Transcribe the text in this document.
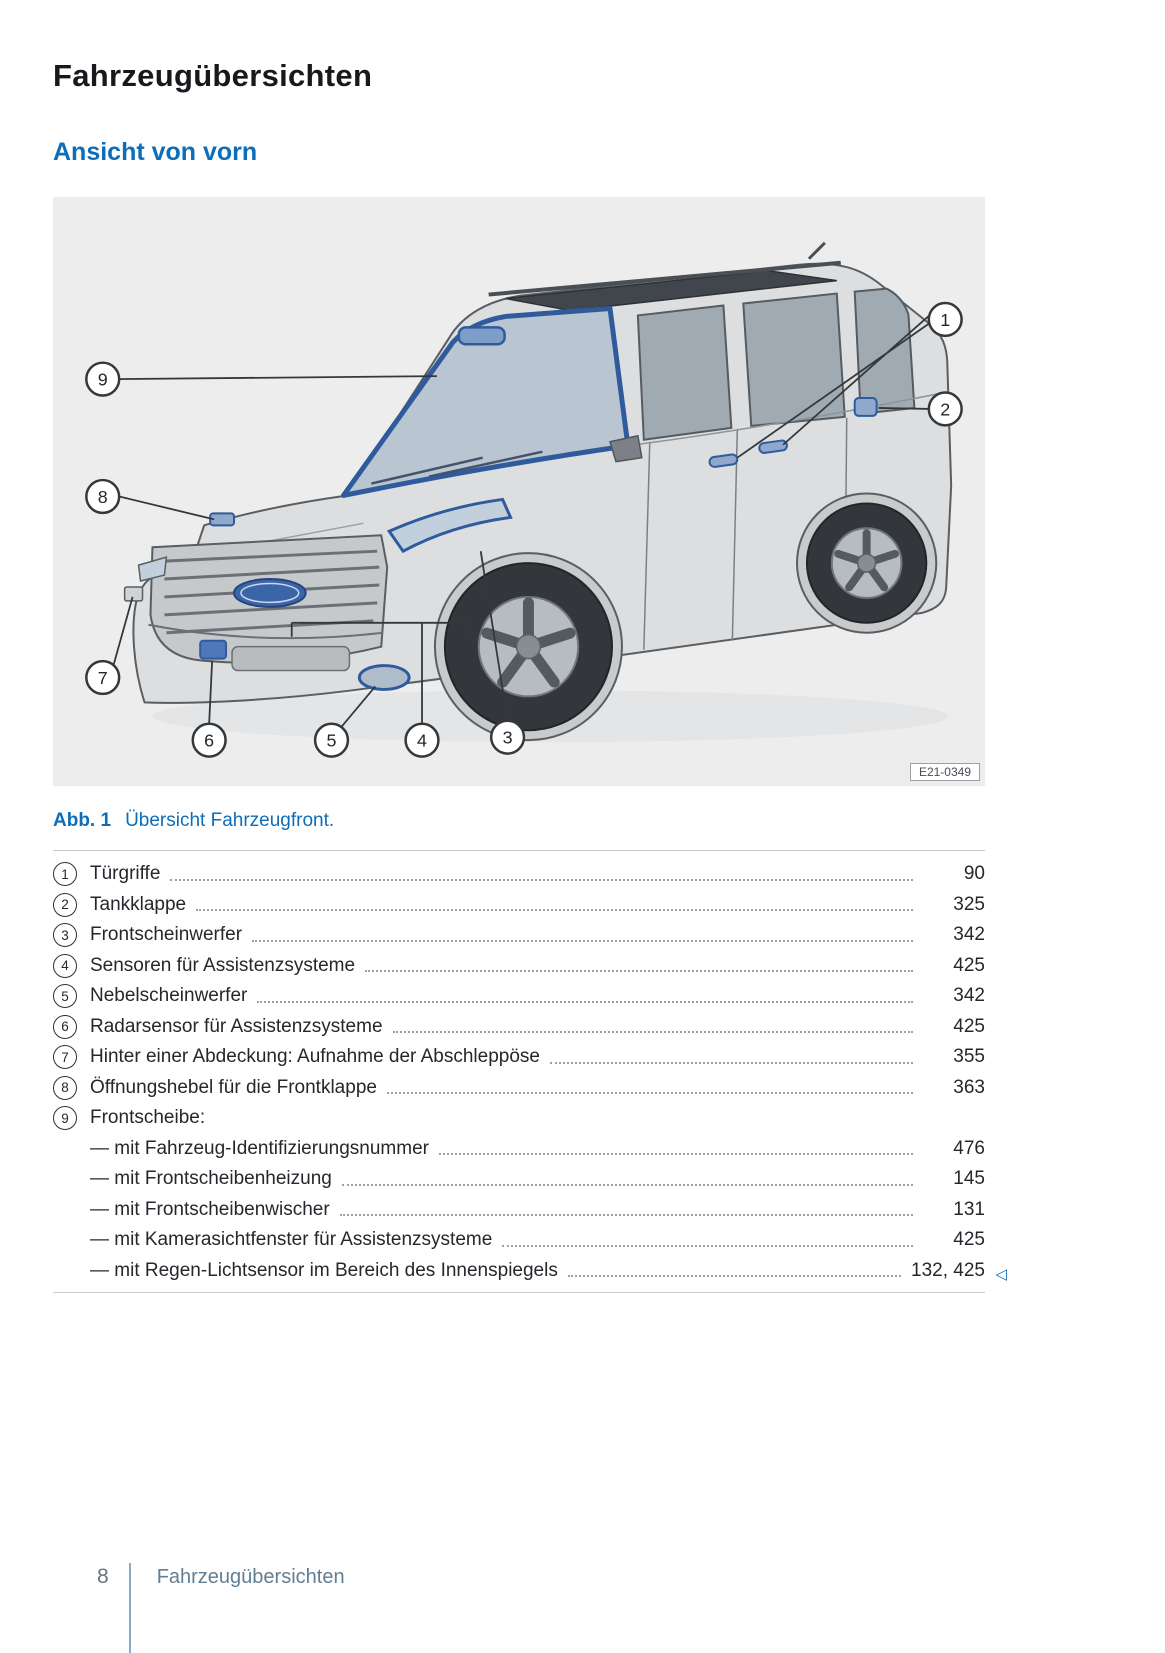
Fahrzeugübersichten
Ansicht von vorn
1
2
3
4
5
6
7
8
9
E21-0349
Abb. 1 Übersicht Fahrzeugfront.
1	Türgriffe	90
2	Tankklappe	325
3	Frontscheinwerfer	342
4	Sensoren für Assistenzsysteme	425
5	Nebelscheinwerfer	342
6	Radarsensor für Assistenzsysteme	425
7	Hinter einer Abdeckung: Aufnahme der Abschleppöse	355
8	Öffnungshebel für die Frontklappe	363
9	Frontscheibe:
— mit Fahrzeug-Identifizierungsnummer	476
— mit Frontscheibenheizung	145
— mit Frontscheibenwischer	131
— mit Kamerasichtfenster für Assistenzsysteme	425
— mit Regen-Lichtsensor im Bereich des Innenspiegels	132, 425 ◁
8 Fahrzeugübersichten
